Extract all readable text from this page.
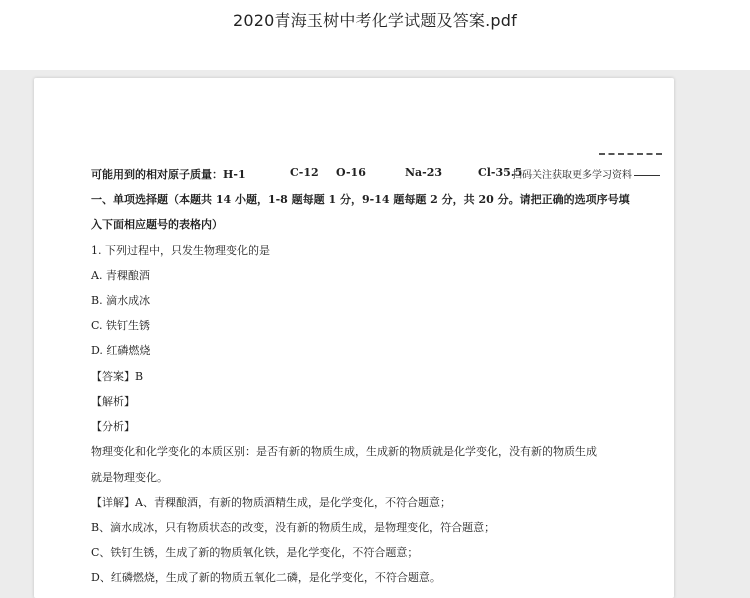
2020青海玉树中考化学试题及答案.pdf
扫码关注获取更多学习资料
可能用到的相对原子质量：H-1	C-12 O-16	Na-23	Cl-35.5
一、单项选择题（本题共 14 小题，1-8 题每题 1 分，9-14 题每题 2 分，共 20 分。请把正确的选项序号填
入下面相应题号的表格内）
1. 下列过程中，只发生物理变化的是
A. 青稞酿酒
B. 滴水成冰
C. 铁钉生锈
D. 红磷燃烧
【答案】B
【解析】
【分析】
物理变化和化学变化的本质区别：是否有新的物质生成，生成新的物质就是化学变化，没有新的物质生成
就是物理变化。
【详解】A、青稞酿酒，有新的物质酒精生成，是化学变化，不符合题意；
B、滴水成冰，只有物质状态的改变，没有新的物质生成，是物理变化，符合题意；
C、铁钉生锈，生成了新的物质氧化铁，是化学变化，不符合题意；
D、红磷燃烧，生成了新的物质五氧化二磷，是化学变化，不符合题意。
